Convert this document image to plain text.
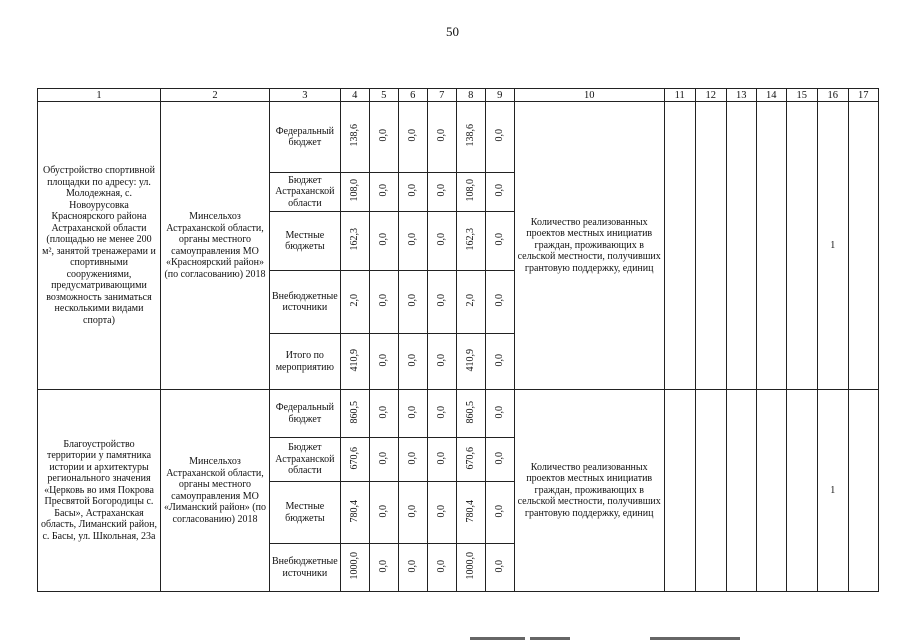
50
1	2	3	4	5	6	7	8	9	10	11	12	13	14	15	16	17
Обустройство спортивной площадки по адресу: ул. Молодежная, с. Новоурусовка Красноярского района Астраханской области (площадью не менее 200 м², занятой тренажерами и спортивными сооружениями, предусматривающими возможность заниматься несколькими видами спорта)	Минсельхоз Астраханской области, органы местного самоуправления МО «Красноярский район» (по согласованию) 2018	Федеральный бюджет	138,6	0,0	0,0	0,0	138,6	0,0	Количество реализованных проектов местных инициатив граждан, проживающих в сельской местности, получивших грантовую поддержку, единиц						1	
		Бюджет Астраханской области	108,0	0,0	0,0	0,0	108,0	0,0								
		Местные бюджеты	162,3	0,0	0,0	0,0	162,3	0,0								
		Внебюджетные источники	2,0	0,0	0,0	0,0	2,0	0,0								
		Итого по мероприятию	410,9	0,0	0,0	0,0	410,9	0,0								
Благоустройство территории у памятника истории и архитектуры регионального значения «Церковь во имя Покрова Пресвятой Богородицы с. Басы», Астраханская область, Лиманский район, с. Басы, ул. Школьная, 23а	Минсельхоз Астраханской области, органы местного самоуправления МО «Лиманский район» (по согласованию) 2018	Федеральный бюджет	860,5	0,0	0,0	0,0	860,5	0,0	Количество реализованных проектов местных инициатив граждан, проживающих в сельской местности, получивших грантовую поддержку, единиц						1	
		Бюджет Астраханской области	670,6	0,0	0,0	0,0	670,6	0,0								
		Местные бюджеты	780,4	0,0	0,0	0,0	780,4	0,0								
		Внебюджетные источники	1000,0	0,0	0,0	0,0	1000,0	0,0								
